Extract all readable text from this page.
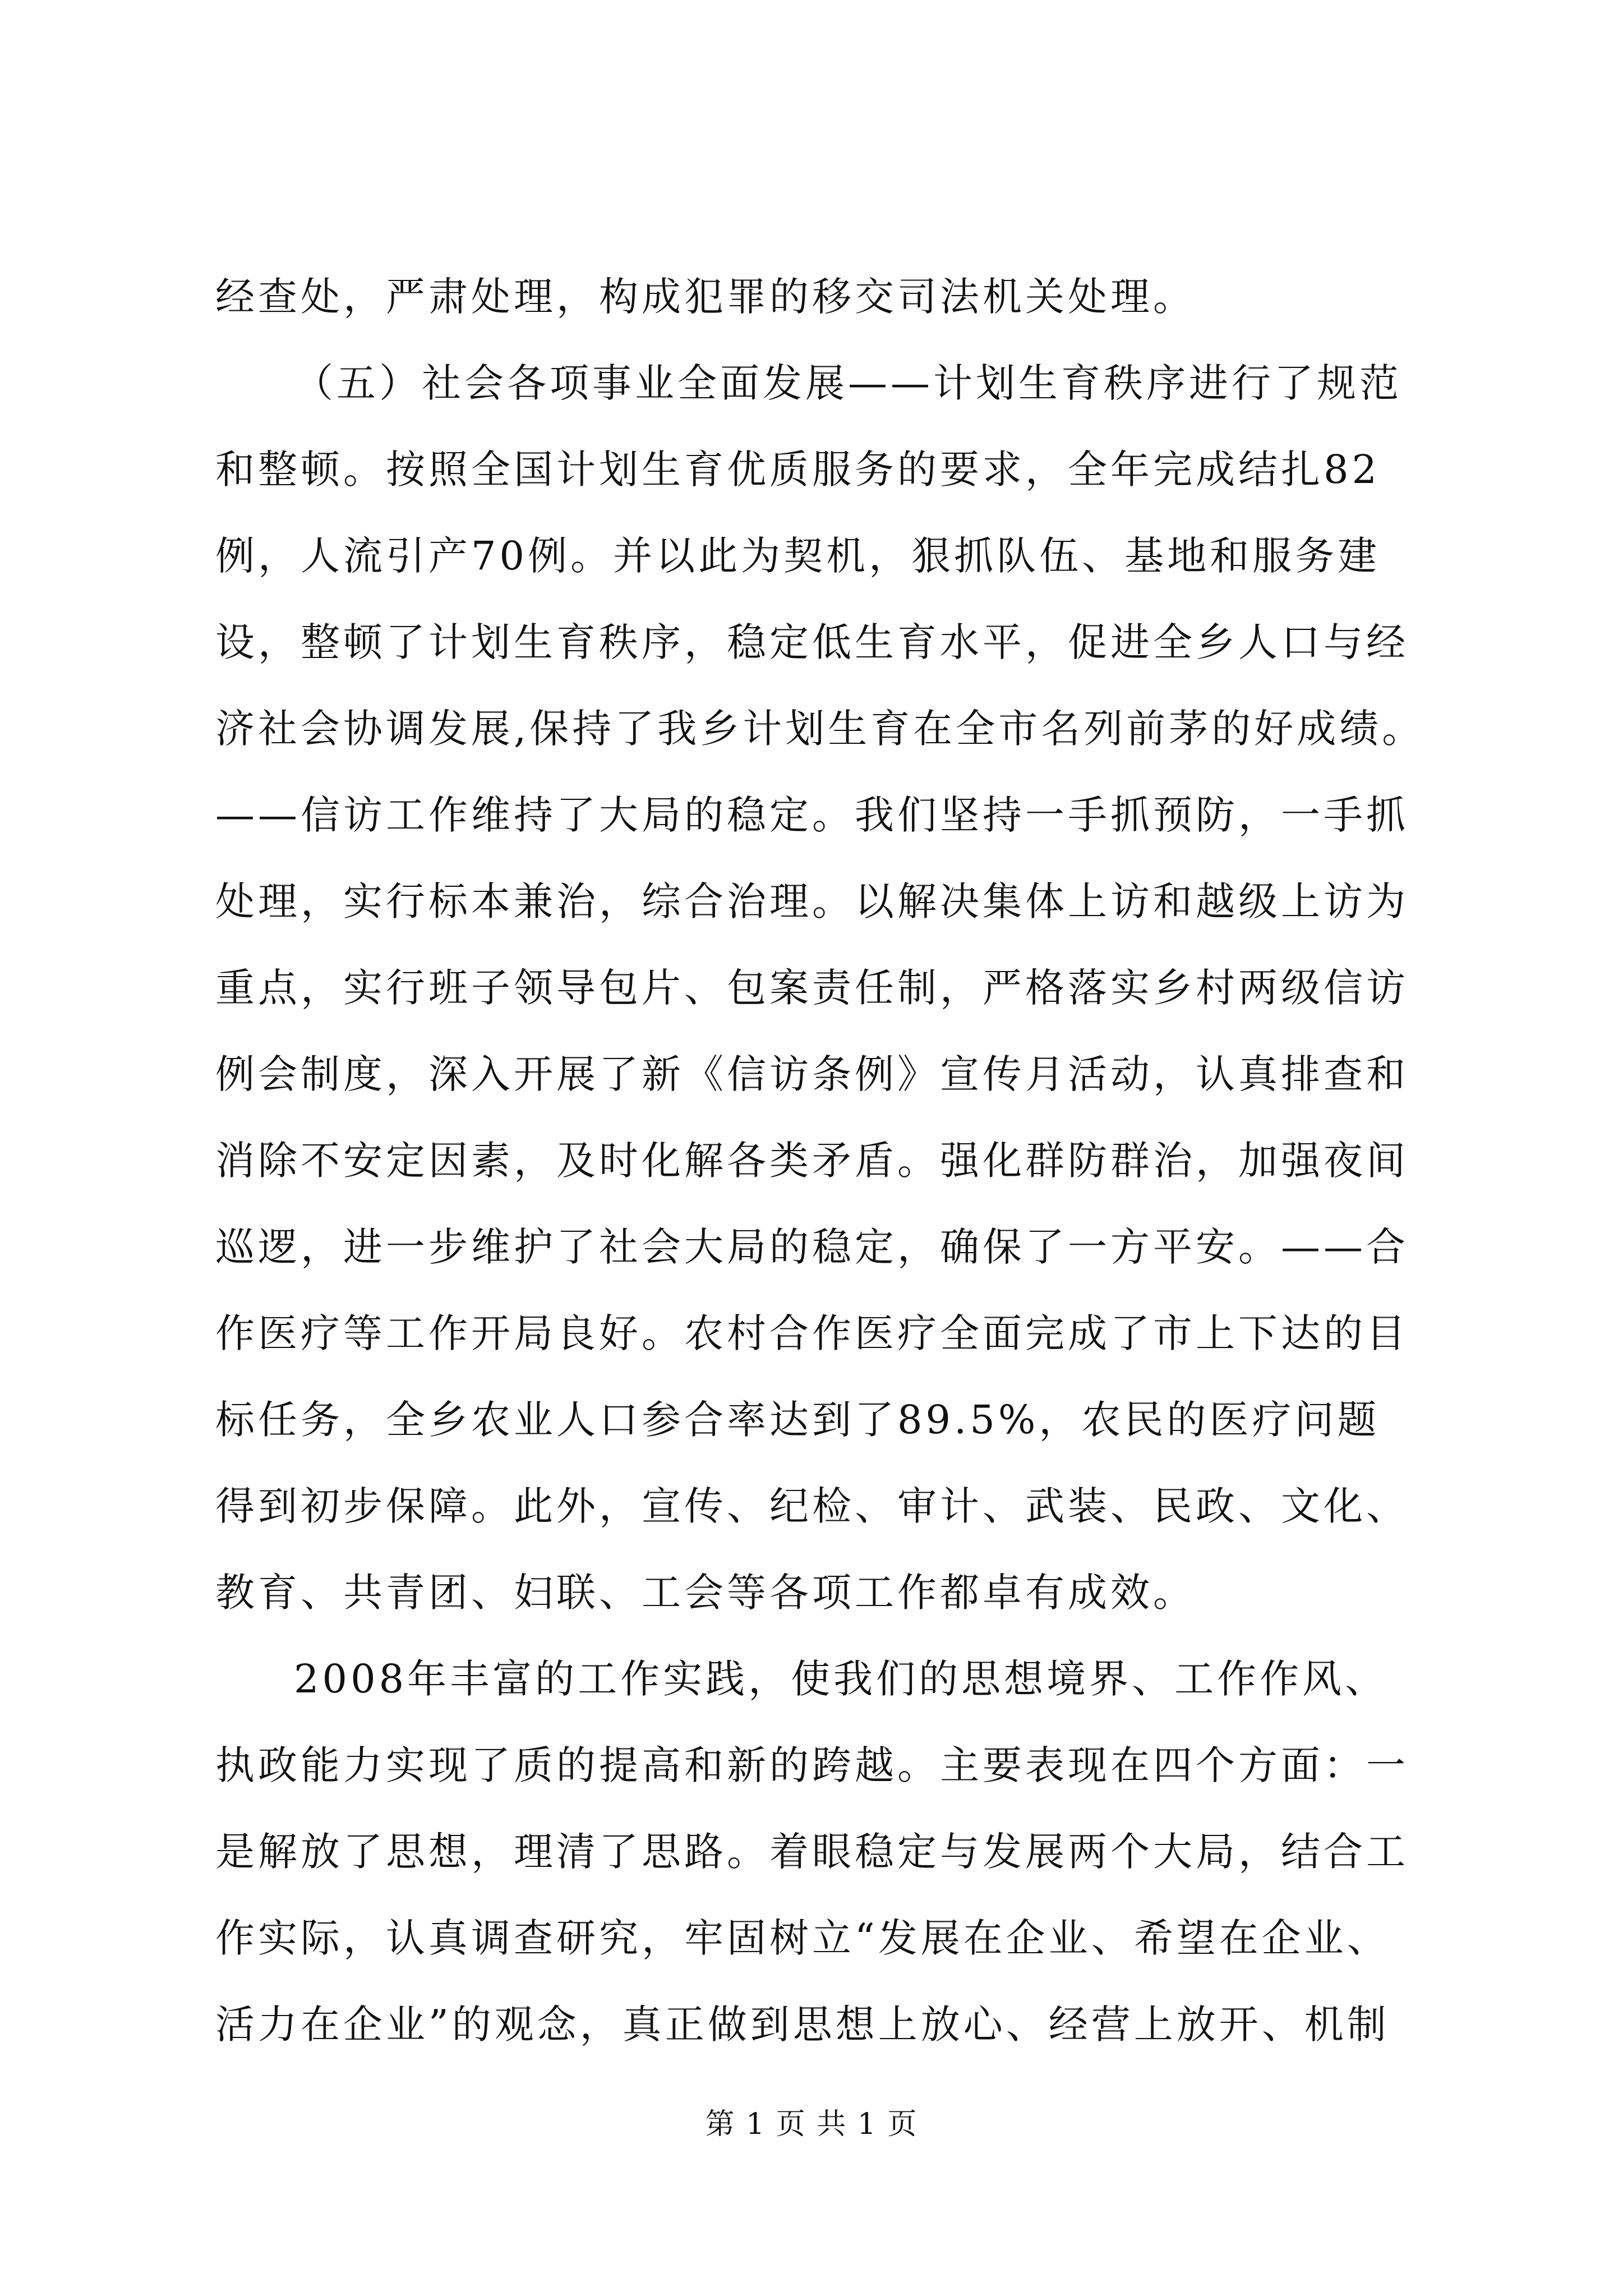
经查处，严肃处理，构成犯罪的移交司法机关处理。
（五）社会各项事业全面发展——计划生育秩序进行了规范
和整顿。按照全国计划生育优质服务的要求，全年完成结扎82
例，人流引产70例。并以此为契机，狠抓队伍、基地和服务建
设，整顿了计划生育秩序，稳定低生育水平，促进全乡人口与经
济社会协调发展,保持了我乡计划生育在全市名列前茅的好成绩。
——信访工作维持了大局的稳定。我们坚持一手抓预防，一手抓
处理，实行标本兼治，综合治理。以解决集体上访和越级上访为
重点，实行班子领导包片、包案责任制，严格落实乡村两级信访
例会制度，深入开展了新《信访条例》宣传月活动，认真排查和
消除不安定因素，及时化解各类矛盾。强化群防群治，加强夜间
巡逻，进一步维护了社会大局的稳定，确保了一方平安。——合
作医疗等工作开局良好。农村合作医疗全面完成了市上下达的目
标任务，全乡农业人口参合率达到了89.5%，农民的医疗问题
得到初步保障。此外，宣传、纪检、审计、武装、民政、文化、
教育、共青团、妇联、工会等各项工作都卓有成效。
2008年丰富的工作实践，使我们的思想境界、工作作风、
执政能力实现了质的提高和新的跨越。主要表现在四个方面：一
是解放了思想，理清了思路。着眼稳定与发展两个大局，结合工
作实际，认真调查研究，牢固树立“发展在企业、希望在企业、
活力在企业”的观念，真正做到思想上放心、经营上放开、机制
第 1 页 共 1 页
